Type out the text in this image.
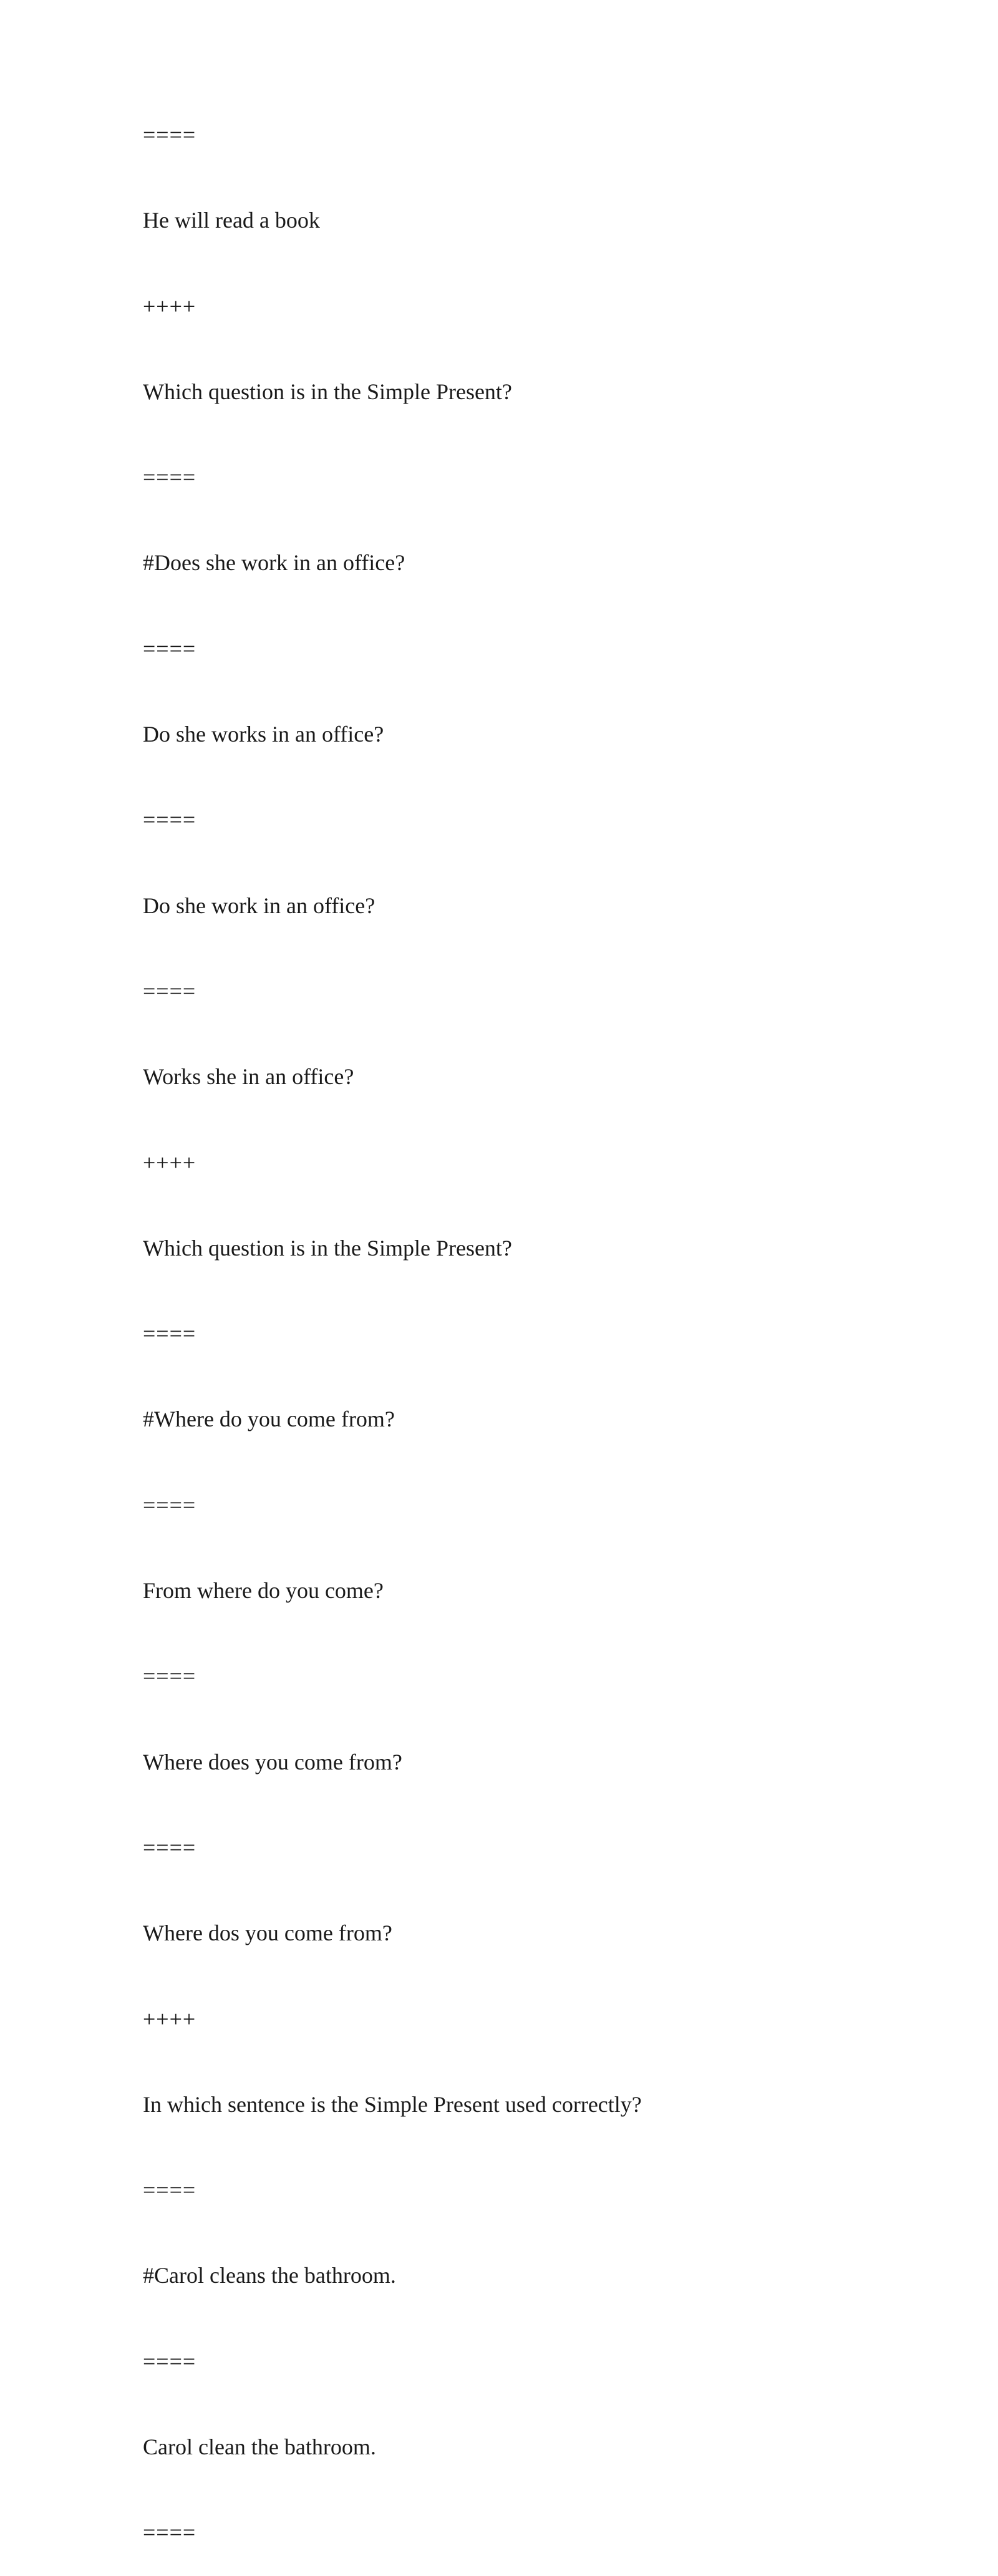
====
He will read a book
++++
Which question is in the Simple Present?
====
#Does she work in an office?
====
Do she works in an office?
====
Do she work in an office?
====
Works she in an office?
++++
Which question is in the Simple Present?
====
#Where do you come from?
====
From where do you come?
====
Where does you come from?
====
Where dos you come from?
++++
In which sentence is the Simple Present used correctly?
====
#Carol cleans the bathroom.
====
Carol clean the bathroom.
====
